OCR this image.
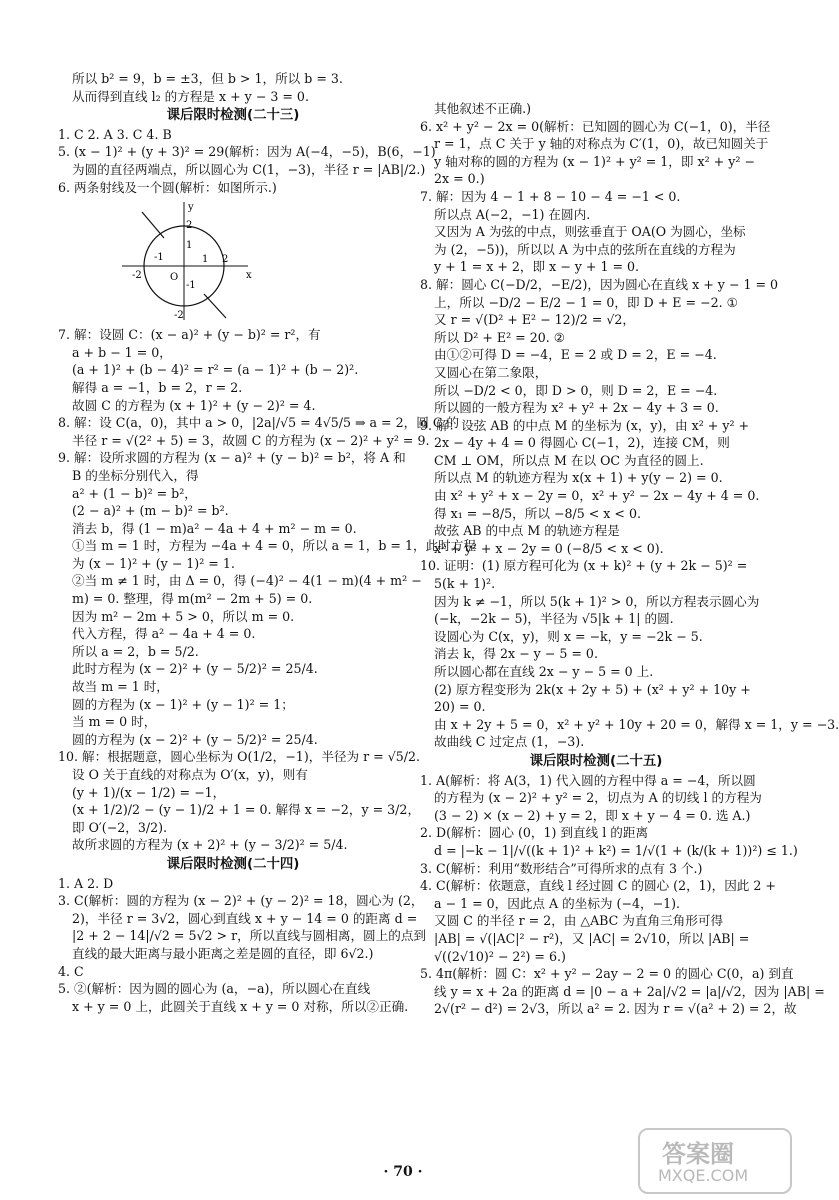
所以 b² = 9，b = ±3，但 b > 1，所以 b = 3.
从而得到直线 l₂ 的方程是 x + y − 3 = 0.
课后限时检测(二十三)
1. C 2. A 3. C 4. B
5. (x − 1)² + (y + 3)² = 29(解析：因为 A(−4，−5)，B(6，−1)
为圆的直径两端点，所以圆心为 C(1，−3)，半径 r = |AB|/2.)
6. 两条射线及一个圆(解析：如图所示.)
y
x
O
2
1
-1
-2
-2
-1	1 2
7. 解：设圆 C：(x − a)² + (y − b)² = r²，有
a + b − 1 = 0，
(a + 1)² + (b − 4)² = r² = (a − 1)² + (b − 2)².
解得 a = −1，b = 2，r = 2.
故圆 C 的方程为 (x + 1)² + (y − 2)² = 4.
8. 解：设 C(a，0)，其中 a > 0，|2a|/√5 = 4√5/5 ⇒ a = 2，圆 C 的
半径 r = √(2² + 5) = 3，故圆 C 的方程为 (x − 2)² + y² = 9.
9. 解：设所求圆的方程为 (x − a)² + (y − b)² = b²，将 A 和
B 的坐标分别代入，得
a² + (1 − b)² = b²，
(2 − a)² + (m − b)² = b².
消去 b，得 (1 − m)a² − 4a + 4 + m² − m = 0.
①当 m = 1 时，方程为 −4a + 4 = 0，所以 a = 1，b = 1，此时方程
为 (x − 1)² + (y − 1)² = 1.
②当 m ≠ 1 时，由 Δ = 0，得 (−4)² − 4(1 − m)(4 + m² −
m) = 0. 整理，得 m(m² − 2m + 5) = 0.
因为 m² − 2m + 5 > 0，所以 m = 0.
代入方程，得 a² − 4a + 4 = 0.
所以 a = 2，b = 5/2.
此时方程为 (x − 2)² + (y − 5/2)² = 25/4.
故当 m = 1 时，
圆的方程为 (x − 1)² + (y − 1)² = 1；
当 m = 0 时，
圆的方程为 (x − 2)² + (y − 5/2)² = 25/4.
10. 解：根据题意，圆心坐标为 O(1/2，−1)，半径为 r = √5/2.
设 O 关于直线的对称点为 O′(x，y)，则有
(y + 1)/(x − 1/2) = −1，
(x + 1/2)/2 − (y − 1)/2 + 1 = 0. 解得 x = −2，y = 3/2，
即 O′(−2，3/2).
故所求圆的方程为 (x + 2)² + (y − 3/2)² = 5/4.
课后限时检测(二十四)
1. A 2. D
3. C(解析：圆的方程为 (x − 2)² + (y − 2)² = 18，圆心为 (2，
2)，半径 r = 3√2，圆心到直线 x + y − 14 = 0 的距离 d =
|2 + 2 − 14|/√2 = 5√2 > r，所以直线与圆相离，圆上的点到
直线的最大距离与最小距离之差是圆的直径，即 6√2.)
4. C
5. ②(解析：因为圆的圆心为 (a，−a)，所以圆心在直线
x + y = 0 上，此圆关于直线 x + y = 0 对称，所以②正确.
其他叙述不正确.)
6. x² + y² − 2x = 0(解析：已知圆的圆心为 C(−1，0)，半径
r = 1，点 C 关于 y 轴的对称点为 C′(1，0)，故已知圆关于
y 轴对称的圆的方程为 (x − 1)² + y² = 1，即 x² + y² −
2x = 0.)
7. 解：因为 4 − 1 + 8 − 10 − 4 = −1 < 0.
所以点 A(−2，−1) 在圆内.
又因为 A 为弦的中点，则弦垂直于 OA(O 为圆心，坐标
为 (2，−5))，所以以 A 为中点的弦所在直线的方程为
y + 1 = x + 2，即 x − y + 1 = 0.
8. 解：圆心 C(−D/2，−E/2)，因为圆心在直线 x + y − 1 = 0
上，所以 −D/2 − E/2 − 1 = 0，即 D + E = −2. ①
又 r = √(D² + E² − 12)/2 = √2，
所以 D² + E² = 20. ②
由①②可得 D = −4，E = 2 或 D = 2，E = −4.
又圆心在第二象限，
所以 −D/2 < 0，即 D > 0，则 D = 2，E = −4.
所以圆的一般方程为 x² + y² + 2x − 4y + 3 = 0.
9. 解：设弦 AB 的中点 M 的坐标为 (x，y)，由 x² + y² +
2x − 4y + 4 = 0 得圆心 C(−1，2)，连接 CM，则
CM ⊥ OM，所以点 M 在以 OC 为直径的圆上.
所以点 M 的轨迹方程为 x(x + 1) + y(y − 2) = 0.
由 x² + y² + x − 2y = 0，x² + y² − 2x − 4y + 4 = 0.
得 x₁ = −8/5，所以 −8/5 < x < 0.
故弦 AB 的中点 M 的轨迹方程是
x² + y² + x − 2y = 0 (−8/5 < x < 0).
10. 证明：(1) 原方程可化为 (x + k)² + (y + 2k − 5)² =
5(k + 1)².
因为 k ≠ −1，所以 5(k + 1)² > 0，所以方程表示圆心为
(−k，−2k − 5)，半径为 √5|k + 1| 的圆.
设圆心为 C(x，y)，则 x = −k，y = −2k − 5.
消去 k，得 2x − y − 5 = 0.
所以圆心都在直线 2x − y − 5 = 0 上.
(2) 原方程变形为 2k(x + 2y + 5) + (x² + y² + 10y +
20) = 0.
由 x + 2y + 5 = 0，x² + y² + 10y + 20 = 0，解得 x = 1，y = −3.
故曲线 C 过定点 (1，−3).
课后限时检测(二十五)
1. A(解析：将 A(3，1) 代入圆的方程中得 a = −4，所以圆
的方程为 (x − 2)² + y² = 2，切点为 A 的切线 l 的方程为
(3 − 2) × (x − 2) + y = 2，即 x + y − 4 = 0. 选 A.)
2. D(解析：圆心 (0，1) 到直线 l 的距离
d = |−k − 1|/√((k + 1)² + k²) = 1/√(1 + (k/(k + 1))²) ≤ 1.)
3. C(解析：利用“数形结合”可得所求的点有 3 个.)
4. C(解析：依题意，直线 l 经过圆 C 的圆心 (2，1)，因此 2 +
a − 1 = 0，因此点 A 的坐标为 (−4，−1).
又圆 C 的半径 r = 2，由 △ABC 为直角三角形可得
|AB| = √(|AC|² − r²)，又 |AC| = 2√10，所以 |AB| =
√((2√10)² − 2²) = 6.)
5. 4π(解析：圆 C：x² + y² − 2ay − 2 = 0 的圆心 C(0，a) 到直
线 y = x + 2a 的距离 d = |0 − a + 2a|/√2 = |a|/√2，因为 |AB| =
2√(r² − d²) = 2√3，所以 a² = 2. 因为 r = √(a² + 2) = 2，故
· 70 ·
答案圈
MXQE.COM
